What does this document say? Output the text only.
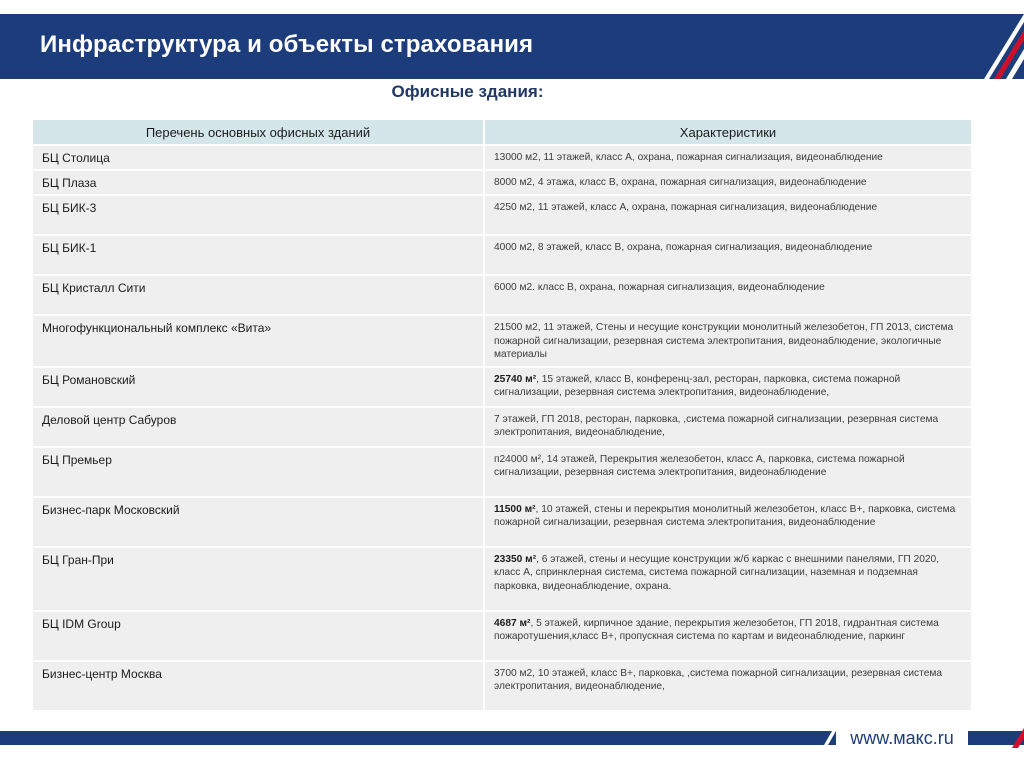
Инфраструктура и объекты страхования
Офисные здания:
Перечень основных офисных зданий	Характеристики
БЦ Столица	13000 м2, 11 этажей, класс А, охрана, пожарная сигнализация, видеонаблюдение
БЦ Плаза	8000 м2, 4 этажа, класс В, охрана, пожарная сигнализация, видеонаблюдение
БЦ БИК-3	4250 м2, 11 этажей, класс А, охрана, пожарная сигнализация, видеонаблюдение
БЦ БИК-1	4000 м2, 8 этажей, класс В, охрана, пожарная сигнализация, видеонаблюдение
БЦ Кристалл Сити	6000 м2. класс В, охрана, пожарная сигнализация, видеонаблюдение
Многофункциональный комплекс «Вита»	21500 м2, 11 этажей, Стены и несущие конструкции монолитный железобетон, ГП 2013, система пожарной сигнализации, резервная система электропитания, видеонаблюдение, экологичные материалы
БЦ Романовский	25740 м², 15 этажей, класс В, конференц-зал, ресторан, парковка, система пожарной сигнализации, резервная система электропитания, видеонаблюдение,
Деловой центр Сабуров	7 этажей, ГП 2018, ресторан, парковка, ,система пожарной сигнализации, резервная система электропитания, видеонаблюдение,
БЦ Премьер	п24000 м², 14 этажей, Перекрытия железобетон, класс А, парковка, система пожарной сигнализации, резервная система электропитания, видеонаблюдение
Бизнес-парк Московский	11500 м², 10 этажей, стены и перекрытия монолитный железобетон, класс В+, парковка, система пожарной сигнализации, резервная система электропитания, видеонаблюдение
БЦ Гран-При	23350 м², 6 этажей, стены и несущие конструкции ж/б каркас с внешними панелями, ГП 2020, класс А, спринклерная система, система пожарной сигнализации, наземная и подземная парковка, видеонаблюдение, охрана.
БЦ IDM Group	4687 м², 5 этажей, кирпичное здание, перекрытия железобетон, ГП 2018, гидрантная система пожаротушения,класс В+, пропускная система по картам и видеонаблюдение, паркинг
Бизнес-центр Москва	3700 м2, 10 этажей, класс В+, парковка, ,система пожарной сигнализации, резервная система электропитания, видеонаблюдение,
www.макс.ru
